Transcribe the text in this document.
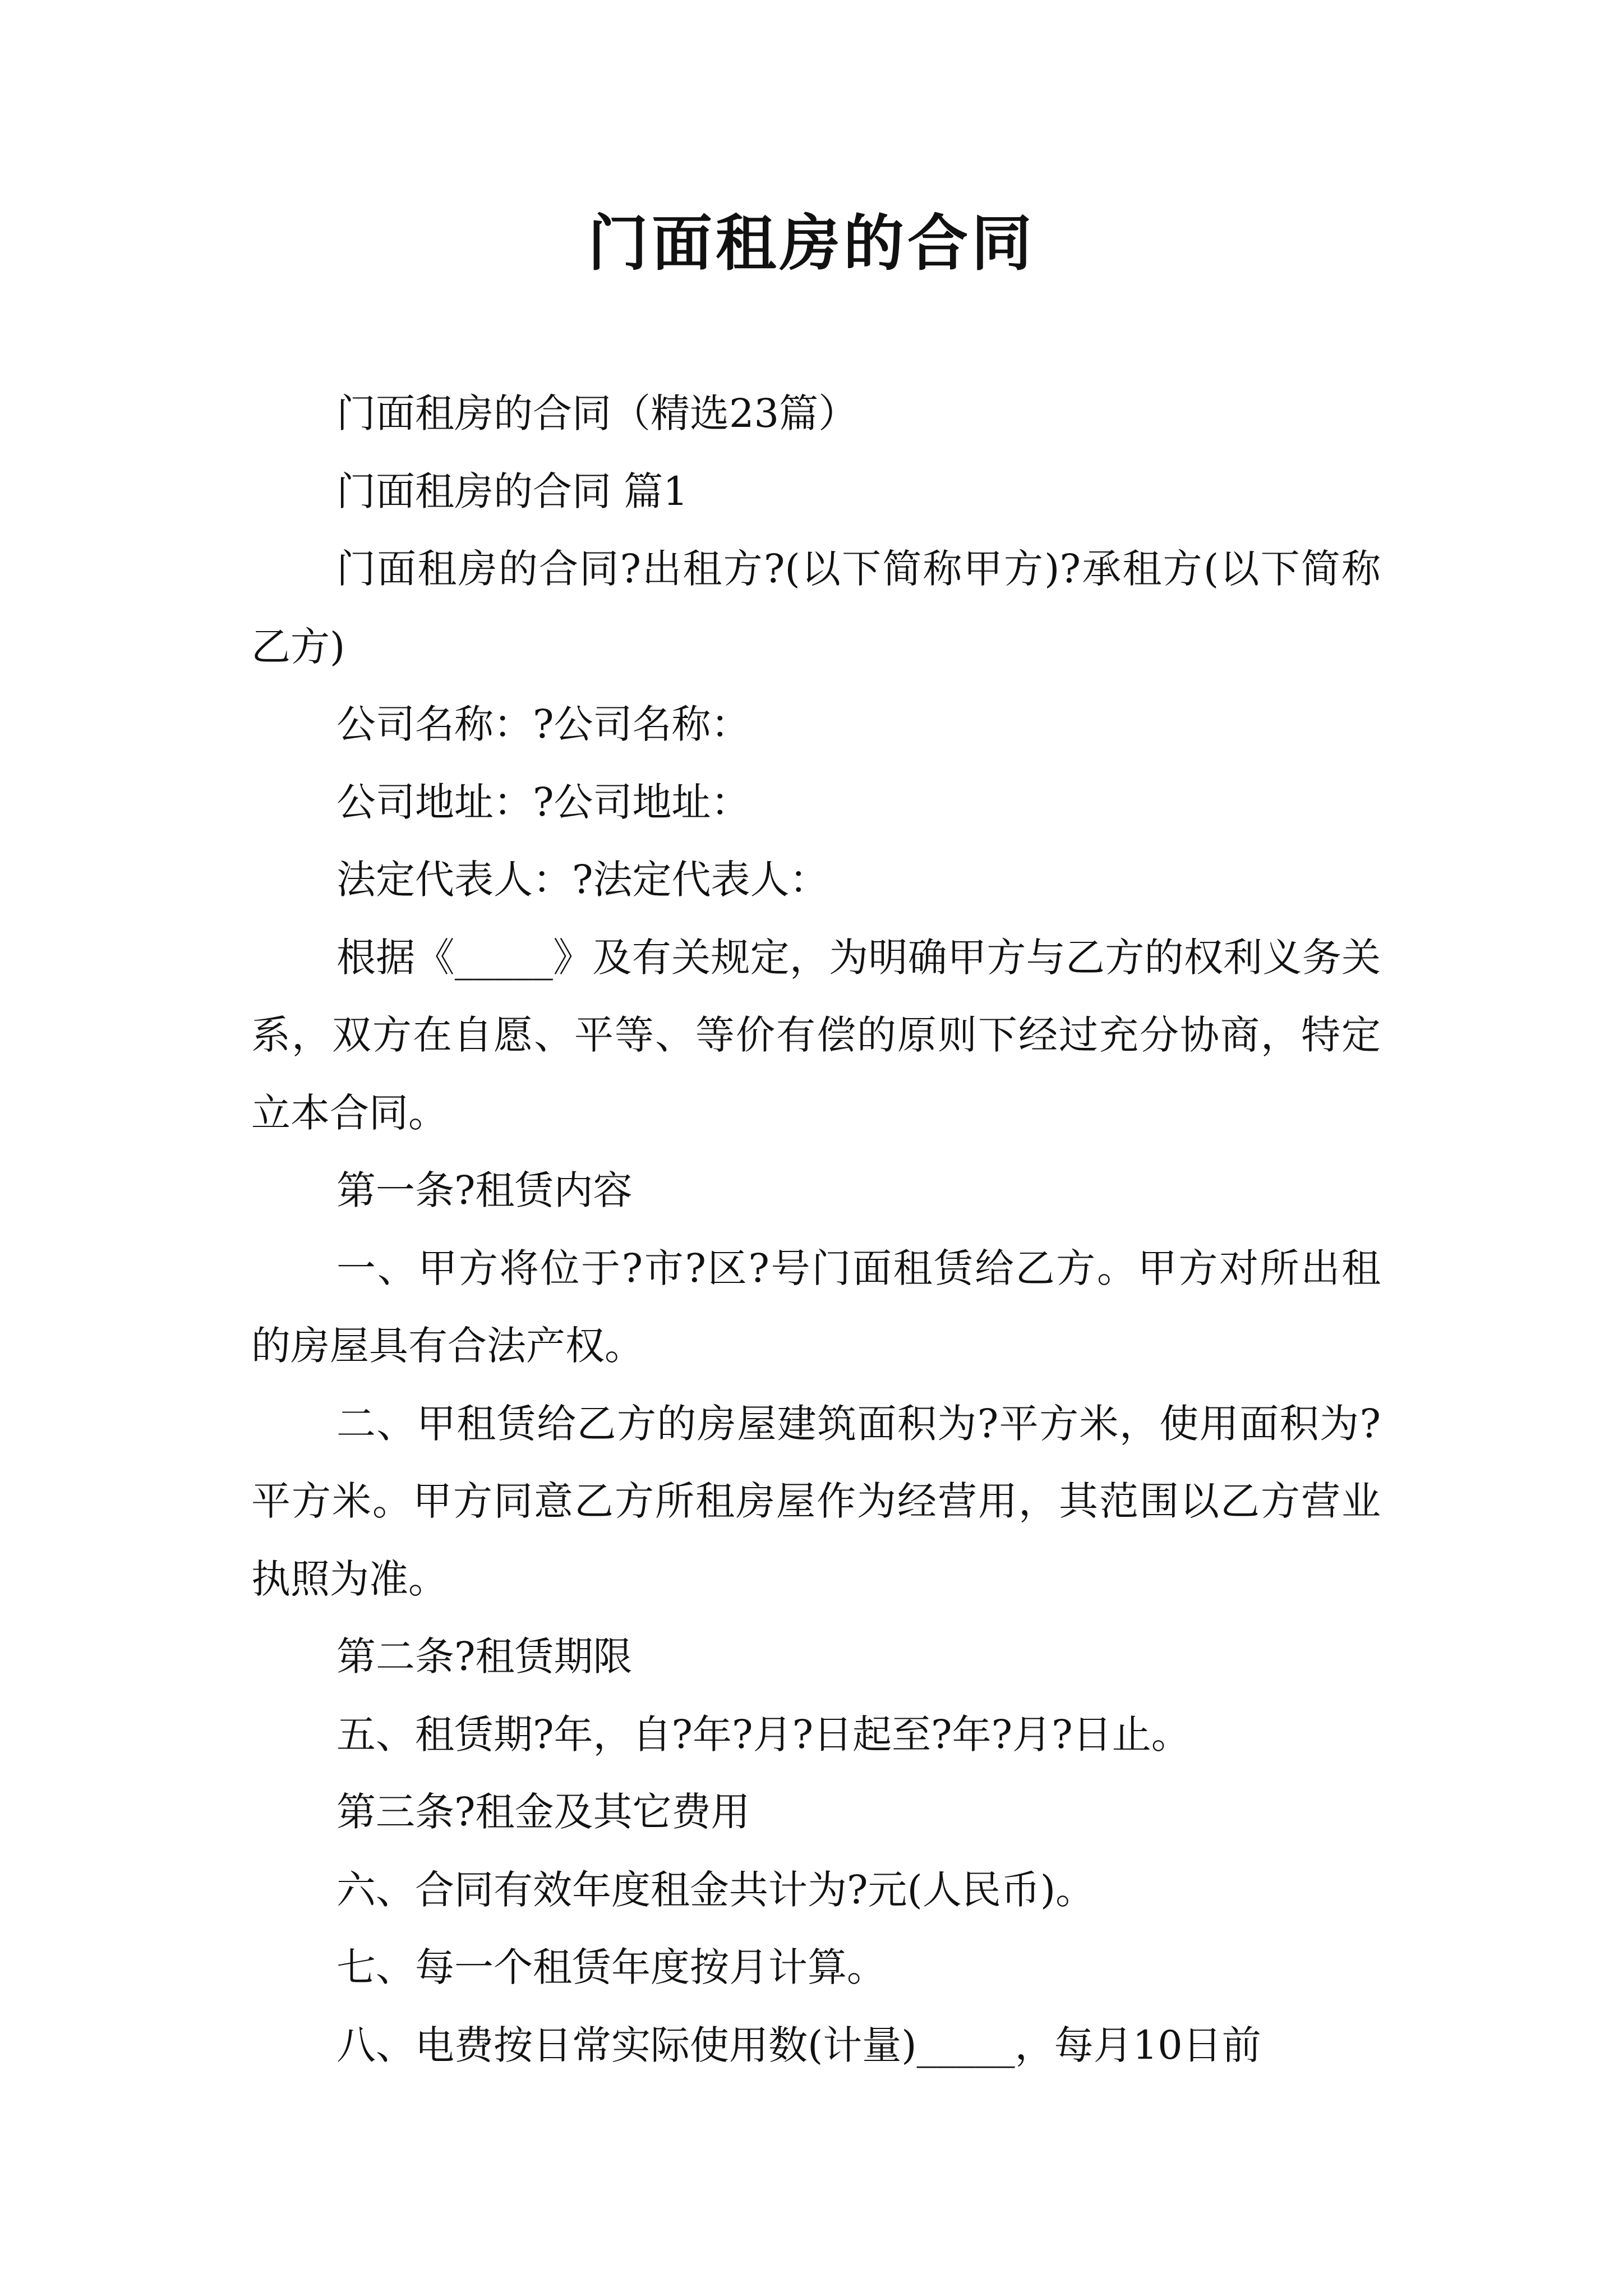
门面租房的合同

门面租房的合同（精选23篇）

门面租房的合同 篇1

门面租房的合同?出租方?(以下简称甲方)?承租方(以下简称乙方)

公司名称：?公司名称：

公司地址：?公司地址：

法定代表人：?法定代表人：

根据《_____》及有关规定，为明确甲方与乙方的权利义务关系，双方在自愿、平等、等价有偿的原则下经过充分协商，特定立本合同。

第一条?租赁内容

一、甲方将位于?市?区?号门面租赁给乙方。甲方对所出租的房屋具有合法产权。

二、甲租赁给乙方的房屋建筑面积为?平方米，使用面积为?平方米。甲方同意乙方所租房屋作为经营用，其范围以乙方营业执照为准。

第二条?租赁期限

五、租赁期?年，自?年?月?日起至?年?月?日止。

第三条?租金及其它费用

六、合同有效年度租金共计为?元(人民币)。

七、每一个租赁年度按月计算。

八、电费按日常实际使用数(计量)_____，每月10日前
